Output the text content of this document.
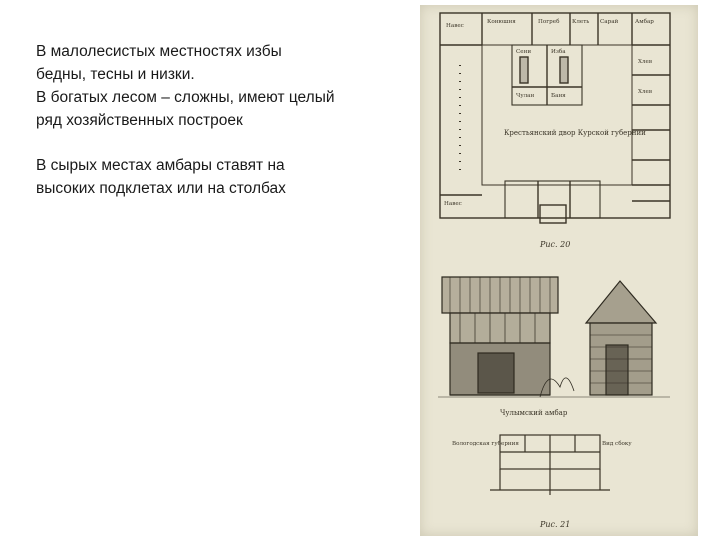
В малолесистых местностях избы

бедны, тесны и низки.

В богатых лесом – сложны, имеют целый

ряд хозяйственных построек

В сырых местах амбары ставят на

высоких подклетах или на столбах

Конюшня	Погреб Клеть Сарай	Амбар
Хлев
Хлев
Сени	Изба
Чулан	Баня
Навес
Навес
Крестьянский двор Курской губернии
Рис. 20
Чулымский амбар
Вологодская губерния	Вид сбоку
Рис. 21
